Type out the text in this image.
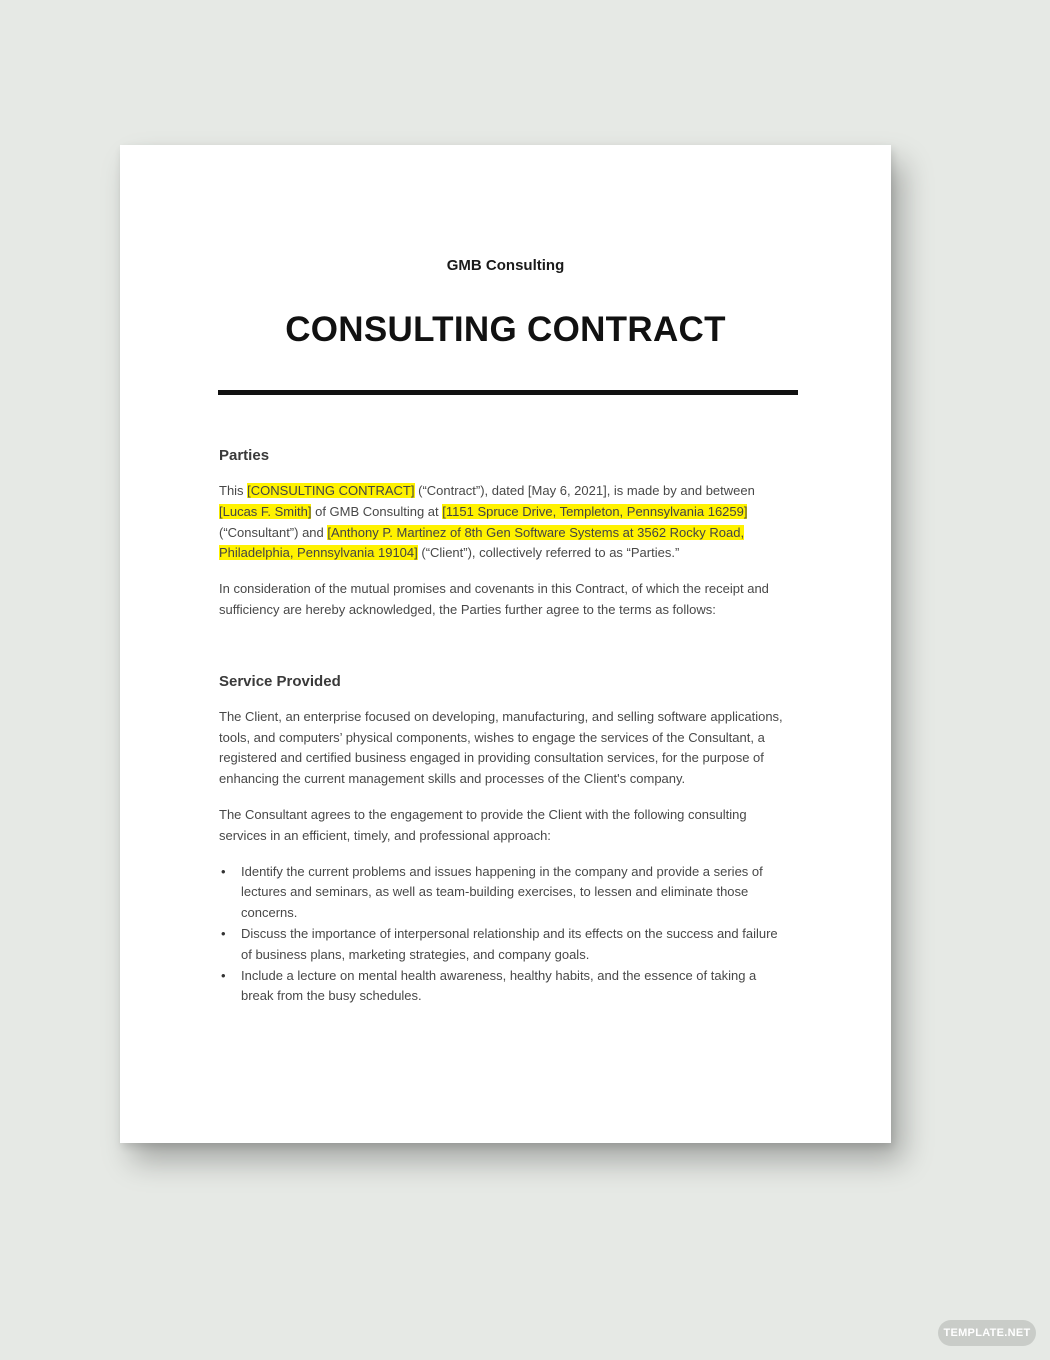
GMB Consulting
CONSULTING CONTRACT
Parties

This [CONSULTING CONTRACT] (“Contract”), dated [May 6, 2021], is made by and between [Lucas F. Smith] of GMB Consulting at [1151 Spruce Drive, Templeton, Pennsylvania 16259] (“Consultant”) and [Anthony P. Martinez of 8th Gen Software Systems at 3562 Rocky Road, Philadelphia, Pennsylvania 19104] (“Client”), collectively referred to as “Parties.”

In consideration of the mutual promises and covenants in this Contract, of which the receipt and sufficiency are hereby acknowledged, the Parties further agree to the terms as follows:

Service Provided

The Client, an enterprise focused on developing, manufacturing, and selling software applications, tools, and computers’ physical components, wishes to engage the services of the Consultant, a registered and certified business engaged in providing consultation services, for the purpose of enhancing the current management skills and processes of the Client's company.

The Consultant agrees to the engagement to provide the Client with the following consulting services in an efficient, timely, and professional approach:

• Identify the current problems and issues happening in the company and provide a series of lectures and seminars, as well as team-building exercises, to lessen and eliminate those concerns.
• Discuss the importance of interpersonal relationship and its effects on the success and failure of business plans, marketing strategies, and company goals.
• Include a lecture on mental health awareness, healthy habits, and the essence of taking a break from the busy schedules.
TEMPLATE.NET
